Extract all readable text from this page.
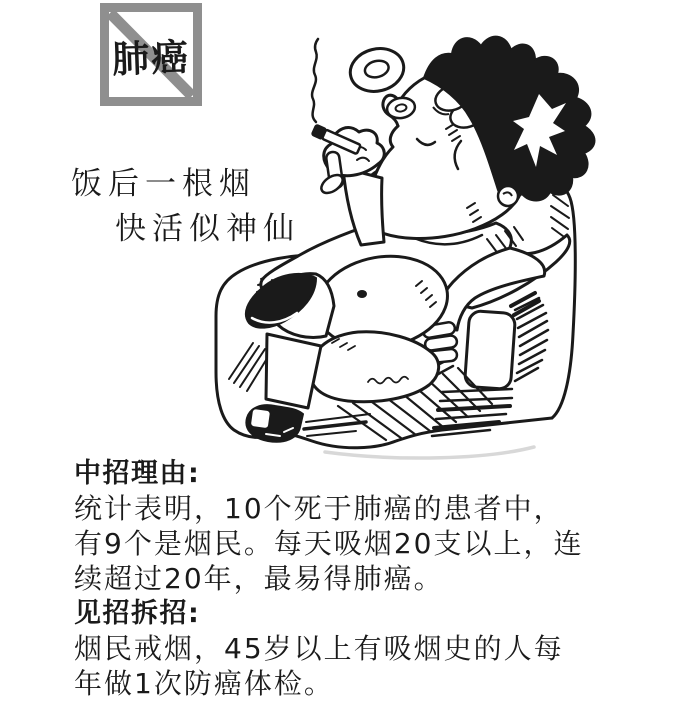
肺癌
饭后一根烟
快活似神仙
中招理由:
统计表明，10个死于肺癌的患者中，
有9个是烟民。每天吸烟20支以上，连
续超过20年，最易得肺癌。
见招拆招:
烟民戒烟，45岁以上有吸烟史的人每
年做1次防癌体检。
